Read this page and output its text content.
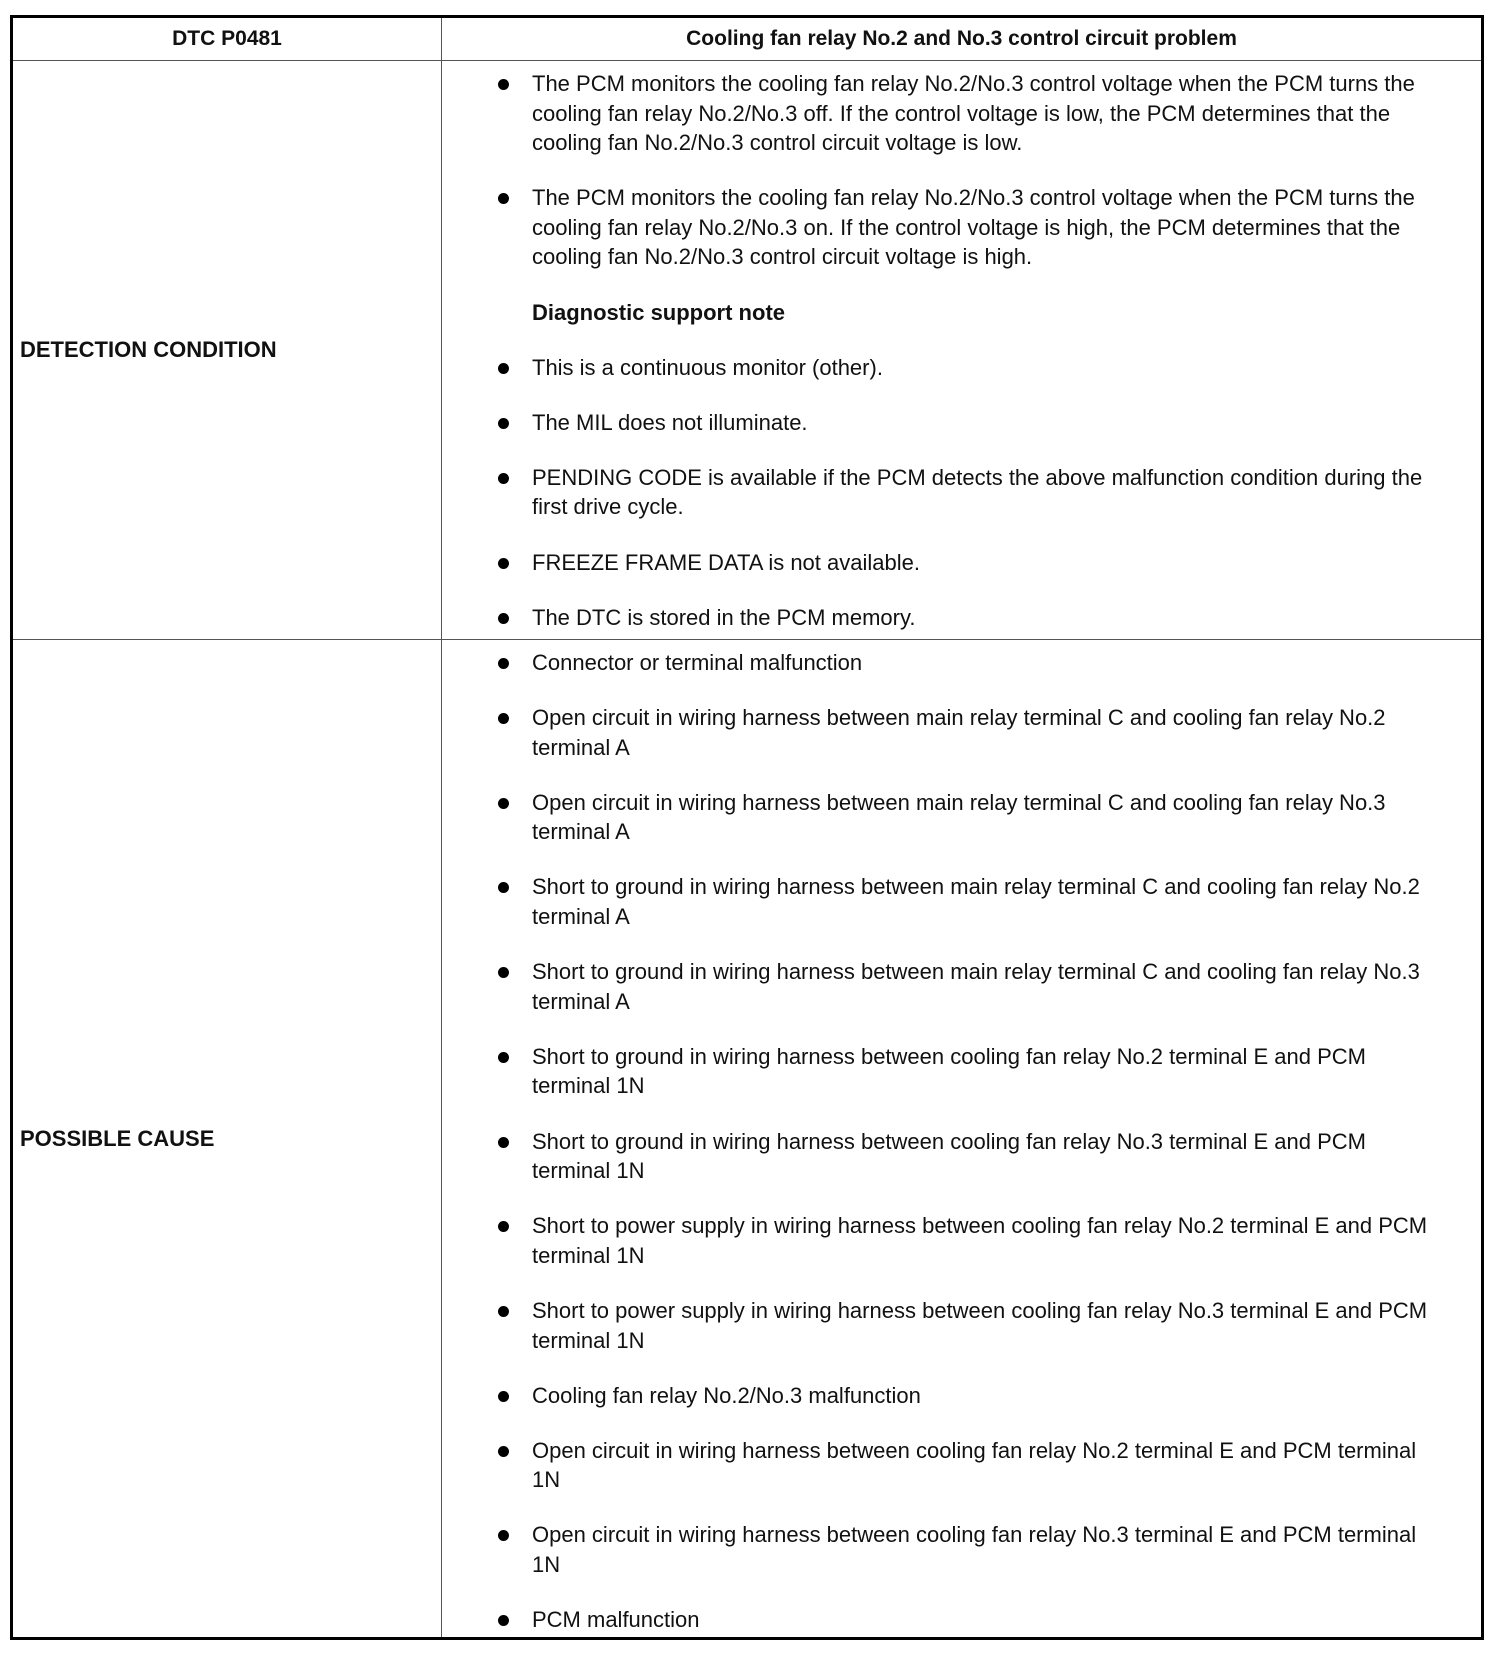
DTC P0481	Cooling fan relay No.2 and No.3 control circuit problem
DETECTION CONDITION
The PCM monitors the cooling fan relay No.2/No.3 control voltage when the PCM turns the cooling fan relay No.2/No.3 off. If the control voltage is low, the PCM determines that the cooling fan No.2/No.3 control circuit voltage is low.
The PCM monitors the cooling fan relay No.2/No.3 control voltage when the PCM turns the cooling fan relay No.2/No.3 on. If the control voltage is high, the PCM determines that the cooling fan No.2/No.3 control circuit voltage is high.
Diagnostic support note
This is a continuous monitor (other).
The MIL does not illuminate.
PENDING CODE is available if the PCM detects the above malfunction condition during the first drive cycle.
FREEZE FRAME DATA is not available.
The DTC is stored in the PCM memory.
POSSIBLE CAUSE
Connector or terminal malfunction
Open circuit in wiring harness between main relay terminal C and cooling fan relay No.2 terminal A
Open circuit in wiring harness between main relay terminal C and cooling fan relay No.3 terminal A
Short to ground in wiring harness between main relay terminal C and cooling fan relay No.2 terminal A
Short to ground in wiring harness between main relay terminal C and cooling fan relay No.3 terminal A
Short to ground in wiring harness between cooling fan relay No.2 terminal E and PCM terminal 1N
Short to ground in wiring harness between cooling fan relay No.3 terminal E and PCM terminal 1N
Short to power supply in wiring harness between cooling fan relay No.2 terminal E and PCM terminal 1N
Short to power supply in wiring harness between cooling fan relay No.3 terminal E and PCM terminal 1N
Cooling fan relay No.2/No.3 malfunction
Open circuit in wiring harness between cooling fan relay No.2 terminal E and PCM terminal 1N
Open circuit in wiring harness between cooling fan relay No.3 terminal E and PCM terminal 1N
PCM malfunction
